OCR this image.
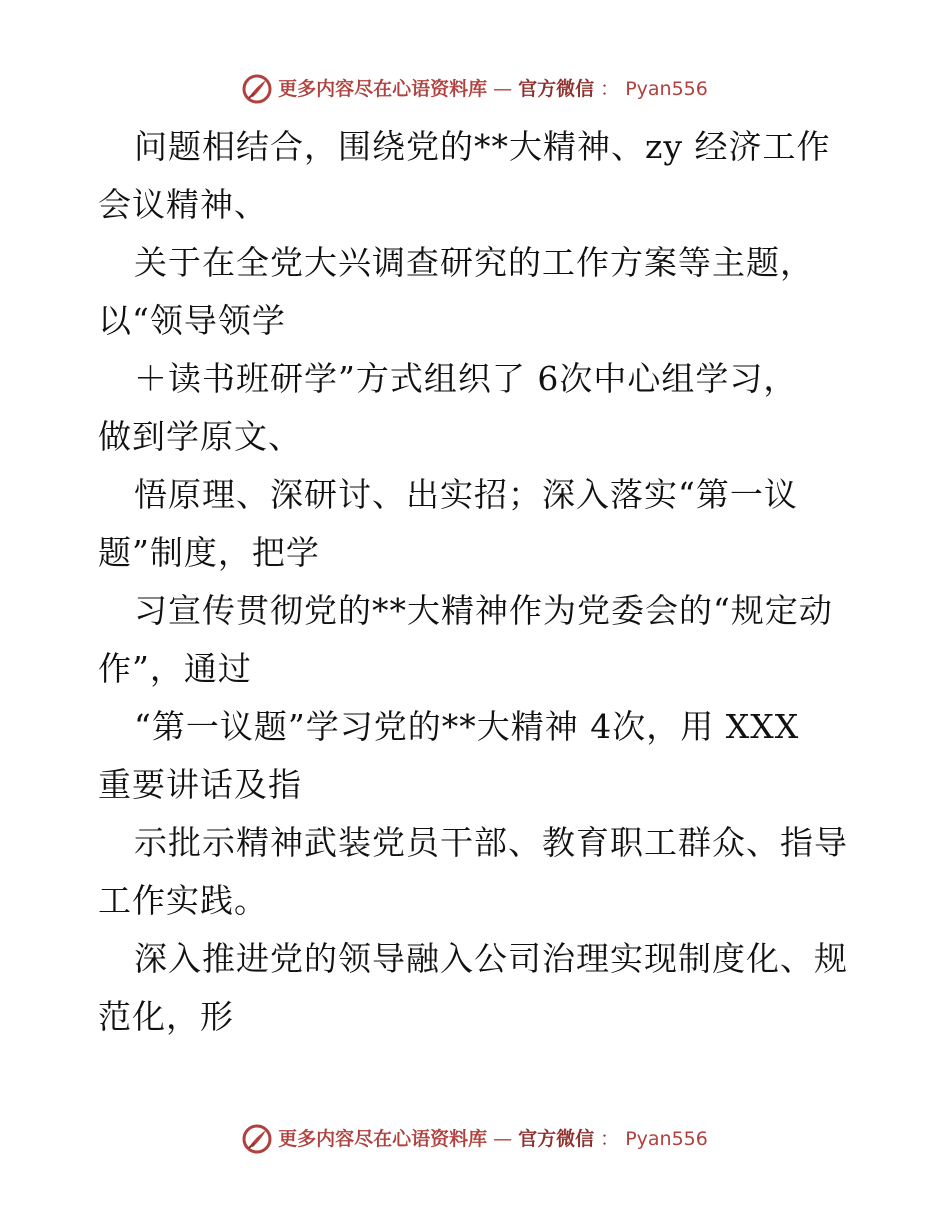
更多内容尽在心语资料库 — 官方微信 ： Pyan556
问题相结合，围绕党的**大精神、zy 经济工作
会议精神、
关于在全党大兴调查研究的工作方案等主题，
以“领导领学
＋读书班研学”方式组织了 6次中心组学习，
做到学原文、
悟原理、深研讨、出实招；深入落实“第一议
题”制度，把学
习宣传贯彻党的**大精神作为党委会的“规定动
作”，通过
“第一议题”学习党的**大精神 4次，用 XXX
重要讲话及指
示批示精神武装党员干部、教育职工群众、指导
工作实践。
深入推进党的领导融入公司治理实现制度化、规
范化，形
更多内容尽在心语资料库 — 官方微信 ： Pyan556
